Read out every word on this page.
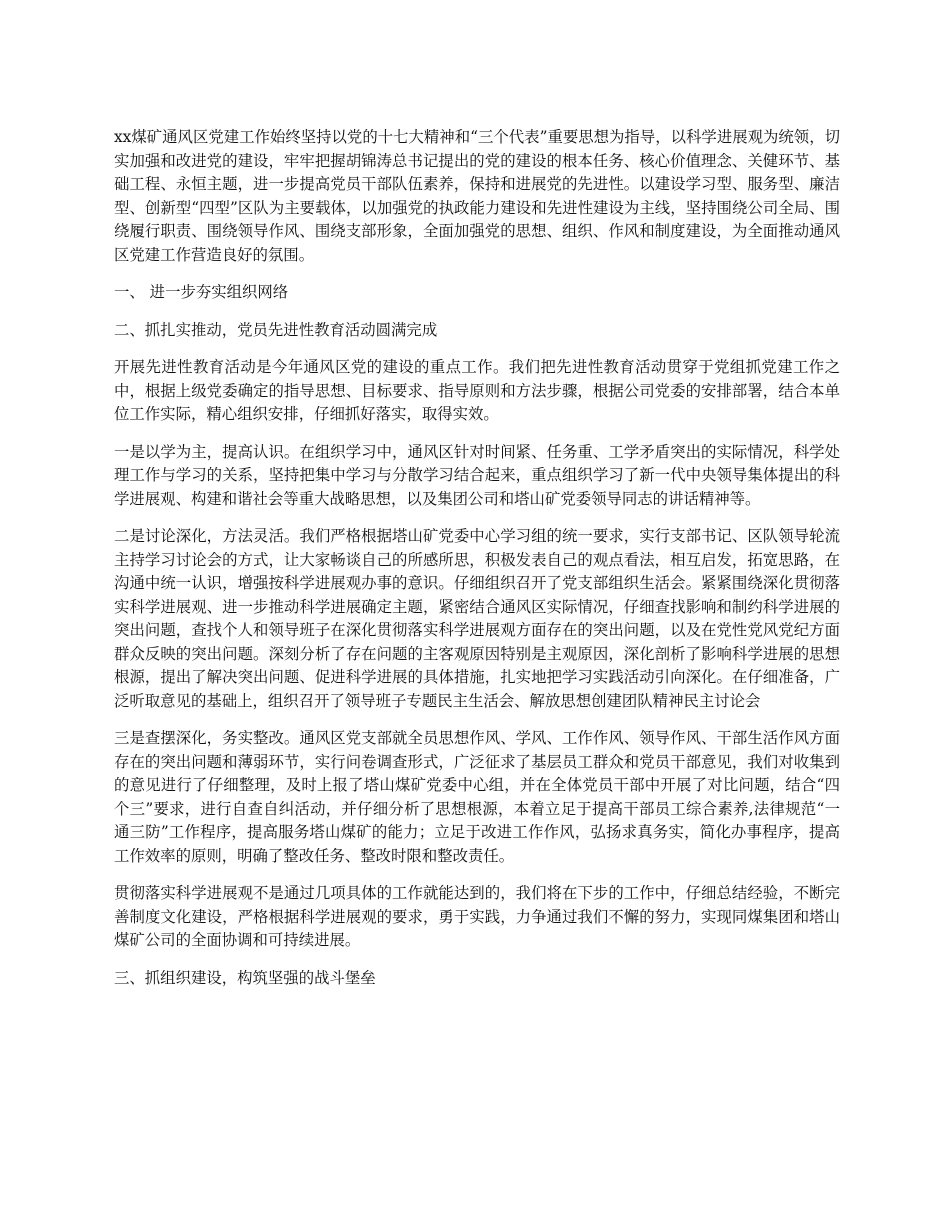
xx煤矿通风区党建工作始终坚持以党的十七大精神和“三个代表”重要思想为指导，以科学进展观为统领，切实加强和改进党的建设，牢牢把握胡锦涛总书记提出的党的建设的根本任务、核心价值理念、关健环节、基础工程、永恒主题，进一步提高党员干部队伍素养，保持和进展党的先进性。以建设学习型、服务型、廉洁型、创新型“四型”区队为主要载体，以加强党的执政能力建设和先进性建设为主线，坚持围绕公司全局、围绕履行职责、围绕领导作风、围绕支部形象，全面加强党的思想、组织、作风和制度建设，为全面推动通风区党建工作营造良好的氛围。

一、 进一步夯实组织网络

二、抓扎实推动，党员先进性教育活动圆满完成

开展先进性教育活动是今年通风区党的建设的重点工作。我们把先进性教育活动贯穿于党组抓党建工作之中，根据上级党委确定的指导思想、目标要求、指导原则和方法步骤，根据公司党委的安排部署，结合本单位工作实际，精心组织安排，仔细抓好落实，取得实效。

一是以学为主，提高认识。在组织学习中，通风区针对时间紧、任务重、工学矛盾突出的实际情况，科学处理工作与学习的关系，坚持把集中学习与分散学习结合起来，重点组织学习了新一代中央领导集体提出的科学进展观、构建和谐社会等重大战略思想，以及集团公司和塔山矿党委领导同志的讲话精神等。

二是讨论深化，方法灵活。我们严格根据塔山矿党委中心学习组的统一要求，实行支部书记、区队领导轮流主持学习讨论会的方式，让大家畅谈自己的所感所思，积极发表自己的观点看法，相互启发，拓宽思路，在沟通中统一认识，增强按科学进展观办事的意识。仔细组织召开了党支部组织生活会。紧紧围绕深化贯彻落实科学进展观、进一步推动科学进展确定主题，紧密结合通风区实际情况，仔细查找影响和制约科学进展的突出问题，查找个人和领导班子在深化贯彻落实科学进展观方面存在的突出问题，以及在党性党风党纪方面群众反映的突出问题。深刻分析了存在问题的主客观原因特别是主观原因，深化剖析了影响科学进展的思想根源，提出了解决突出问题、促进科学进展的具体措施，扎实地把学习实践活动引向深化。在仔细准备，广泛听取意见的基础上，组织召开了领导班子专题民主生活会、解放思想创建团队精神民主讨论会

三是查摆深化，务实整改。通风区党支部就全员思想作风、学风、工作作风、领导作风、干部生活作风方面存在的突出问题和薄弱环节，实行问卷调查形式，广泛征求了基层员工群众和党员干部意见，我们对收集到的意见进行了仔细整理，及时上报了塔山煤矿党委中心组，并在全体党员干部中开展了对比问题，结合“四个三”要求，进行自查自纠活动，并仔细分析了思想根源，本着立足于提高干部员工综合素养,法律规范“一通三防”工作程序，提高服务塔山煤矿的能力；立足于改进工作作风，弘扬求真务实，简化办事程序，提高工作效率的原则，明确了整改任务、整改时限和整改责任。

贯彻落实科学进展观不是通过几项具体的工作就能达到的，我们将在下步的工作中，仔细总结经验，不断完善制度文化建设，严格根据科学进展观的要求，勇于实践，力争通过我们不懈的努力，实现同煤集团和塔山煤矿公司的全面协调和可持续进展。

三、抓组织建设，构筑坚强的战斗堡垒
